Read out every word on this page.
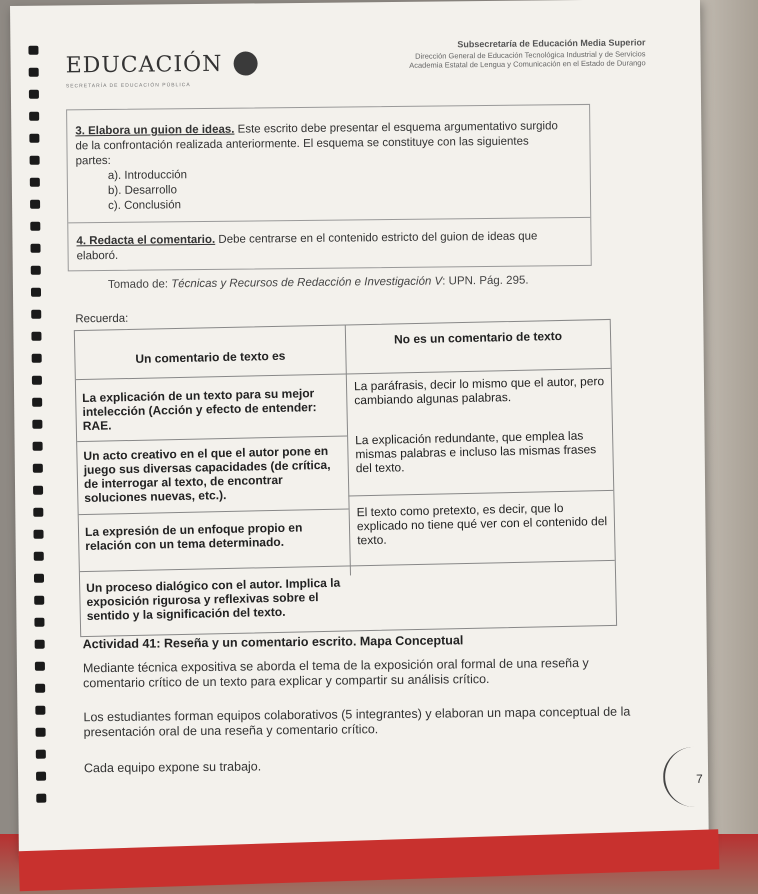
EDUCACIÓN
SECRETARÍA DE EDUCACIÓN PÚBLICA
Subsecretaría de Educación Media Superior
Dirección General de Educación Tecnológica Industrial y de Servicios
Academia Estatal de Lengua y Comunicación en el Estado de Durango
3. Elabora un guion de ideas. Este escrito debe presentar el esquema argumentativo surgido
de la confrontación realizada anteriormente. El esquema se constituye con las siguientes
partes:
a). Introducción
b). Desarrollo
c). Conclusión
4. Redacta el comentario. Debe centrarse en el contenido estricto del guion de ideas que
elaboró.
Tomado de: Técnicas y Recursos de Redacción e Investigación V: UPN. Pág. 295.
Recuerda:
Un comentario de texto es
No es un comentario de texto
La explicación de un texto para su mejor intelección (Acción y efecto de entender: RAE.
Un acto creativo en el que el autor pone en juego sus diversas capacidades (de crítica, de interrogar al texto, de encontrar soluciones nuevas, etc.).
La expresión de un enfoque propio en relación con un tema determinado.
Un proceso dialógico con el autor. Implica la exposición rigurosa y reflexivas sobre el sentido y la significación del texto.
La paráfrasis, decir lo mismo que el autor, pero cambiando algunas palabras.
La explicación redundante, que emplea las mismas palabras e incluso las mismas frases del texto.
El texto como pretexto, es decir, que lo explicado no tiene qué ver con el contenido del texto.
Actividad 41: Reseña y un comentario escrito. Mapa Conceptual
Mediante técnica expositiva se aborda el tema de la exposición oral formal de una reseña y comentario crítico de un texto para explicar y compartir su análisis crítico.
Los estudiantes forman equipos colaborativos (5 integrantes) y elaboran un mapa conceptual de la presentación oral de una reseña y comentario crítico.
Cada equipo expone su trabajo.
7
